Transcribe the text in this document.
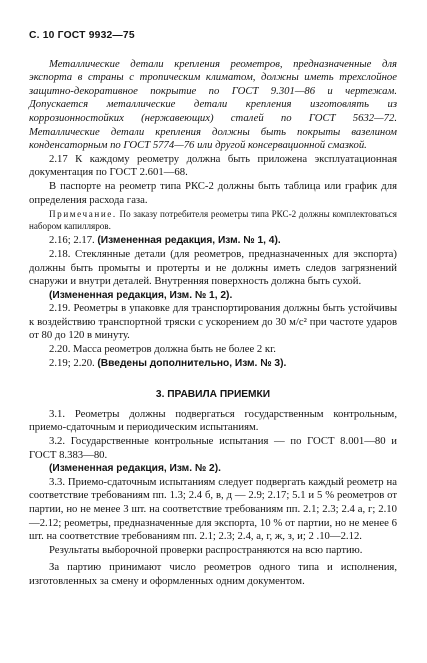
С. 10 ГОСТ 9932—75

Металлические детали крепления реометров, предназначенные для экспорта в страны с тропическим климатом, должны иметь трехслойное защитно-декоративное покрытие по ГОСТ 9.301—86 и чертежам. Допускается металлические детали крепления изготовлять из коррозионностойких (нержавеющих) сталей по ГОСТ 5632—72. Металлические детали крепления должны быть покрыты вазелином конденсаторным по ГОСТ 5774—76 или другой консервационной смазкой.

2.17 К каждому реометру должна быть приложена эксплуатационная документация по ГОСТ 2.601—68.

В паспорте на реометр типа РКС-2 должны быть таблица или график для определения расхода газа.

Примечание. По заказу потребителя реометры типа РКС-2 должны комплектоваться набором капилляров.

2.16; 2.17. (Измененная редакция, Изм. № 1, 4).

2.18. Стеклянные детали (для реометров, предназначенных для экспорта) должны быть промыты и протерты и не должны иметь следов загрязнений снаружи и внутри деталей. Внутренняя поверхность должна быть сухой.

(Измененная редакция, Изм. № 1, 2).

2.19. Реометры в упаковке для транспортирования должны быть устойчивы к воздействию транспортной тряски с ускорением до 30 м/с² при частоте ударов от 80 до 120 в минуту.

2.20. Масса реометров должна быть не более 2 кг.

2.19; 2.20. (Введены дополнительно, Изм. № 3).

3. ПРАВИЛА ПРИЕМКИ

3.1. Реометры должны подвергаться государственным контрольным, приемо-сдаточным и периодическим испытаниям.

3.2. Государственные контрольные испытания — по ГОСТ 8.001—80 и ГОСТ 8.383—80.

(Измененная редакция, Изм. № 2).

3.3. Приемо-сдаточным испытаниям следует подвергать каждый реометр на соответствие требованиям пп. 1.3; 2.4 б, в, д — 2.9; 2.17; 5.1 и 5 % реометров от партии, но не менее 3 шт. на соответствие требованиям пп. 2.1; 2.3; 2.4 а, г; 2.10—2.12; реометры, предназначенные для экспорта, 10 % от партии, но не менее 6 шт. на соответствие требованиям пп. 2.1; 2.3; 2.4, а, г, ж, з, и; 2 .10—2.12.

Результаты выборочной проверки распространяются на всю партию.

За партию принимают число реометров одного типа и исполнения, изготовленных за смену и оформленных одним документом.
